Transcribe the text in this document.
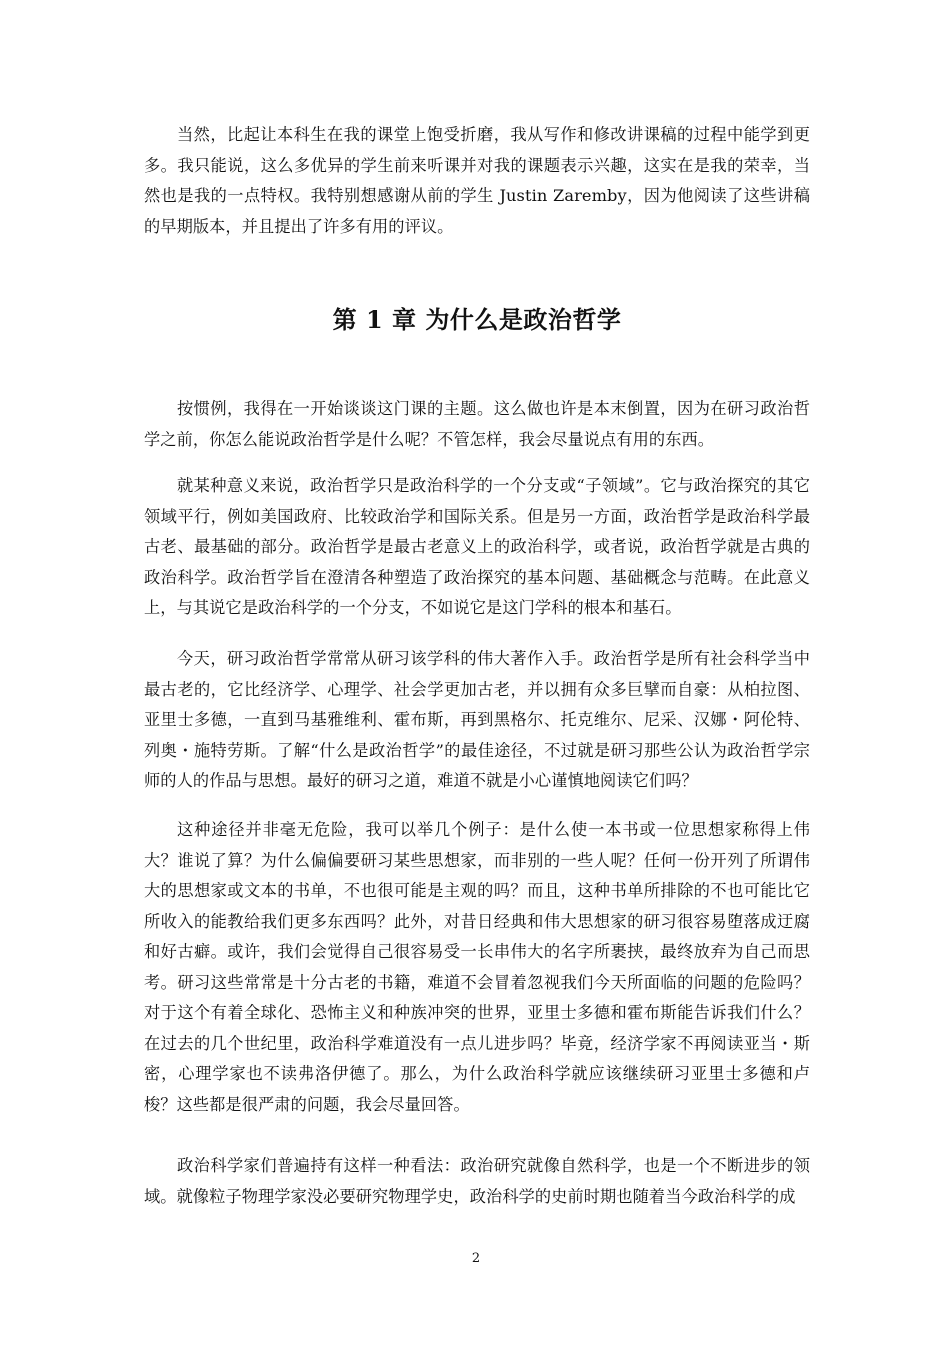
当然，比起让本科生在我的课堂上饱受折磨，我从写作和修改讲课稿的过程中能学到更多。我只能说，这么多优异的学生前来听课并对我的课题表示兴趣，这实在是我的荣幸，当然也是我的一点特权。我特别想感谢从前的学生 Justin Zaremby，因为他阅读了这些讲稿的早期版本，并且提出了许多有用的评议。

第 1 章 为什么是政治哲学

按惯例，我得在一开始谈谈这门课的主题。这么做也许是本末倒置，因为在研习政治哲学之前，你怎么能说政治哲学是什么呢？不管怎样，我会尽量说点有用的东西。

就某种意义来说，政治哲学只是政治科学的一个分支或“子领域”。它与政治探究的其它领域平行，例如美国政府、比较政治学和国际关系。但是另一方面，政治哲学是政治科学最古老、最基础的部分。政治哲学是最古老意义上的政治科学，或者说，政治哲学就是古典的政治科学。政治哲学旨在澄清各种塑造了政治探究的基本问题、基础概念与范畴。在此意义上，与其说它是政治科学的一个分支，不如说它是这门学科的根本和基石。

今天，研习政治哲学常常从研习该学科的伟大著作入手。政治哲学是所有社会科学当中最古老的，它比经济学、心理学、社会学更加古老，并以拥有众多巨擘而自豪：从柏拉图、亚里士多德，一直到马基雅维利、霍布斯，再到黑格尔、托克维尔、尼采、汉娜・阿伦特、列奥・施特劳斯。了解“什么是政治哲学”的最佳途径，不过就是研习那些公认为政治哲学宗师的人的作品与思想。最好的研习之道，难道不就是小心谨慎地阅读它们吗？

这种途径并非毫无危险，我可以举几个例子：是什么使一本书或一位思想家称得上伟大？谁说了算？为什么偏偏要研习某些思想家，而非别的一些人呢？任何一份开列了所谓伟大的思想家或文本的书单，不也很可能是主观的吗？而且，这种书单所排除的不也可能比它所收入的能教给我们更多东西吗？此外，对昔日经典和伟大思想家的研习很容易堕落成迂腐和好古癖。或许，我们会觉得自己很容易受一长串伟大的名字所裹挟，最终放弃为自己而思考。研习这些常常是十分古老的书籍，难道不会冒着忽视我们今天所面临的问题的危险吗？对于这个有着全球化、恐怖主义和种族冲突的世界，亚里士多德和霍布斯能告诉我们什么？在过去的几个世纪里，政治科学难道没有一点儿进步吗？毕竟，经济学家不再阅读亚当・斯密，心理学家也不读弗洛伊德了。那么，为什么政治科学就应该继续研习亚里士多德和卢梭？这些都是很严肃的问题，我会尽量回答。

政治科学家们普遍持有这样一种看法：政治研究就像自然科学，也是一个不断进步的领域。就像粒子物理学家没必要研究物理学史，政治科学的史前时期也随着当今政治科学的成

2
